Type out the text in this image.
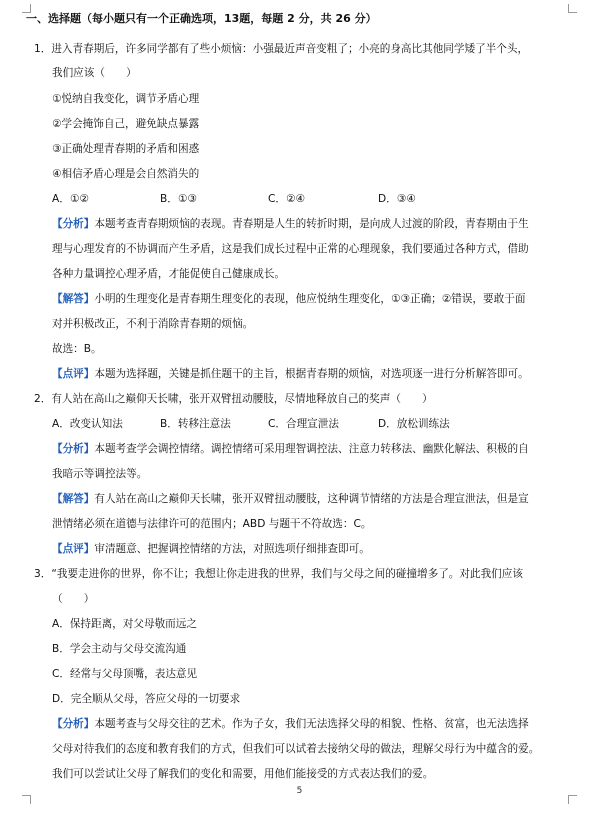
一、选择题（每小题只有一个正确选项，13题，每题 2 分，共 26 分）
1．进入青春期后，许多同学都有了些小烦恼：小强最近声音变粗了；小亮的身高比其他同学矮了半个头，
我们应该（　　）
①悦纳自我变化，调节矛盾心理
②学会掩饰自己，避免缺点暴露
③正确处理青春期的矛盾和困惑
④相信矛盾心理是会自然消失的
A．①②	B．①③	C．②④	D．③④
【分析】本题考查青春期烦恼的表现。青春期是人生的转折时期，是向成人过渡的阶段，青春期由于生
理与心理发育的不协调而产生矛盾，这是我们成长过程中正常的心理现象，我们要通过各种方式，借助
各种力量调控心理矛盾，才能促使自己健康成长。
【解答】小明的生理变化是青春期生理变化的表现，他应悦纳生理变化，①③正确；②错误，要敢于面
对并积极改正，不利于消除青春期的烦恼。
故选：B。
【点评】本题为选择题，关键是抓住题干的主旨，根据青春期的烦恼，对选项逐一进行分析解答即可。
2．有人站在高山之巅仰天长啸，张开双臂扭动腰肢，尽情地释放自己的奖声（　　）
A．改变认知法	B．转移注意法	C．合理宣泄法	D．放松训练法
【分析】本题考查学会调控情绪。调控情绪可采用理智调控法、注意力转移法、幽默化解法、积极的自
我暗示等调控法等。
【解答】有人站在高山之巅仰天长啸，张开双臂扭动腰肢，这种调节情绪的方法是合理宣泄法，但是宣
泄情绪必须在道德与法律许可的范围内；ABD 与题干不符故选：C。
【点评】审清题意、把握调控情绪的方法，对照选项仔细排查即可。
3．“我要走进你的世界，你不让；我想让你走进我的世界，我们与父母之间的碰撞增多了。对此我们应该
（　　）
A．保持距离，对父母敬而远之
B．学会主动与父母交流沟通
C．经常与父母顶嘴，表达意见
D．完全顺从父母，答应父母的一切要求
【分析】本题考查与父母交往的艺术。作为子女，我们无法选择父母的相貌、性格、贫富，也无法选择
父母对待我们的态度和教育我们的方式，但我们可以试着去接纳父母的做法，理解父母行为中蕴含的爱。
我们可以尝试让父母了解我们的变化和需要，用他们能接受的方式表达我们的爱。
5
